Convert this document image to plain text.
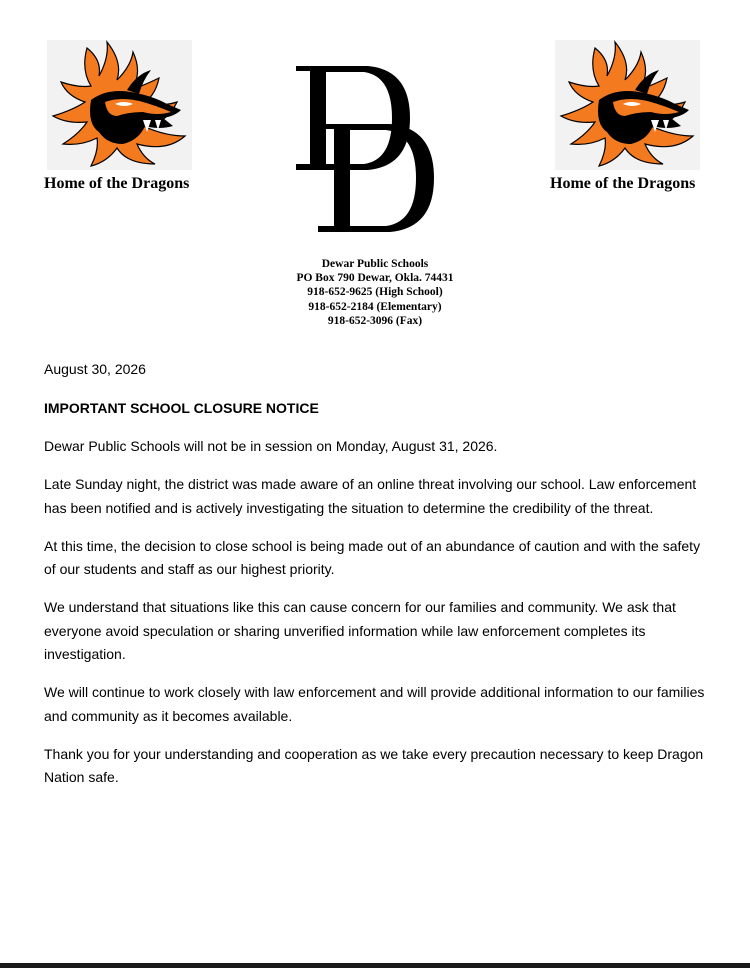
Home of the Dragons	Home of the Dragons
Dewar Public Schools
PO Box 790 Dewar, Okla. 74431
918-652-9625 (High School)
918-652-2184 (Elementary)
918-652-3096 (Fax)

August 30, 2026

IMPORTANT SCHOOL CLOSURE NOTICE

Dewar Public Schools will not be in session on Monday, August 31, 2026.

Late Sunday night, the district was made aware of an online threat involving our school. Law enforcement has been notified and is actively investigating the situation to determine the credibility of the threat.

At this time, the decision to close school is being made out of an abundance of caution and with the safety of our students and staff as our highest priority.

We understand that situations like this can cause concern for our families and community. We ask that everyone avoid speculation or sharing unverified information while law enforcement completes its investigation.

We will continue to work closely with law enforcement and will provide additional information to our families and community as it becomes available.

Thank you for your understanding and cooperation as we take every precaution necessary to keep Dragon Nation safe.
